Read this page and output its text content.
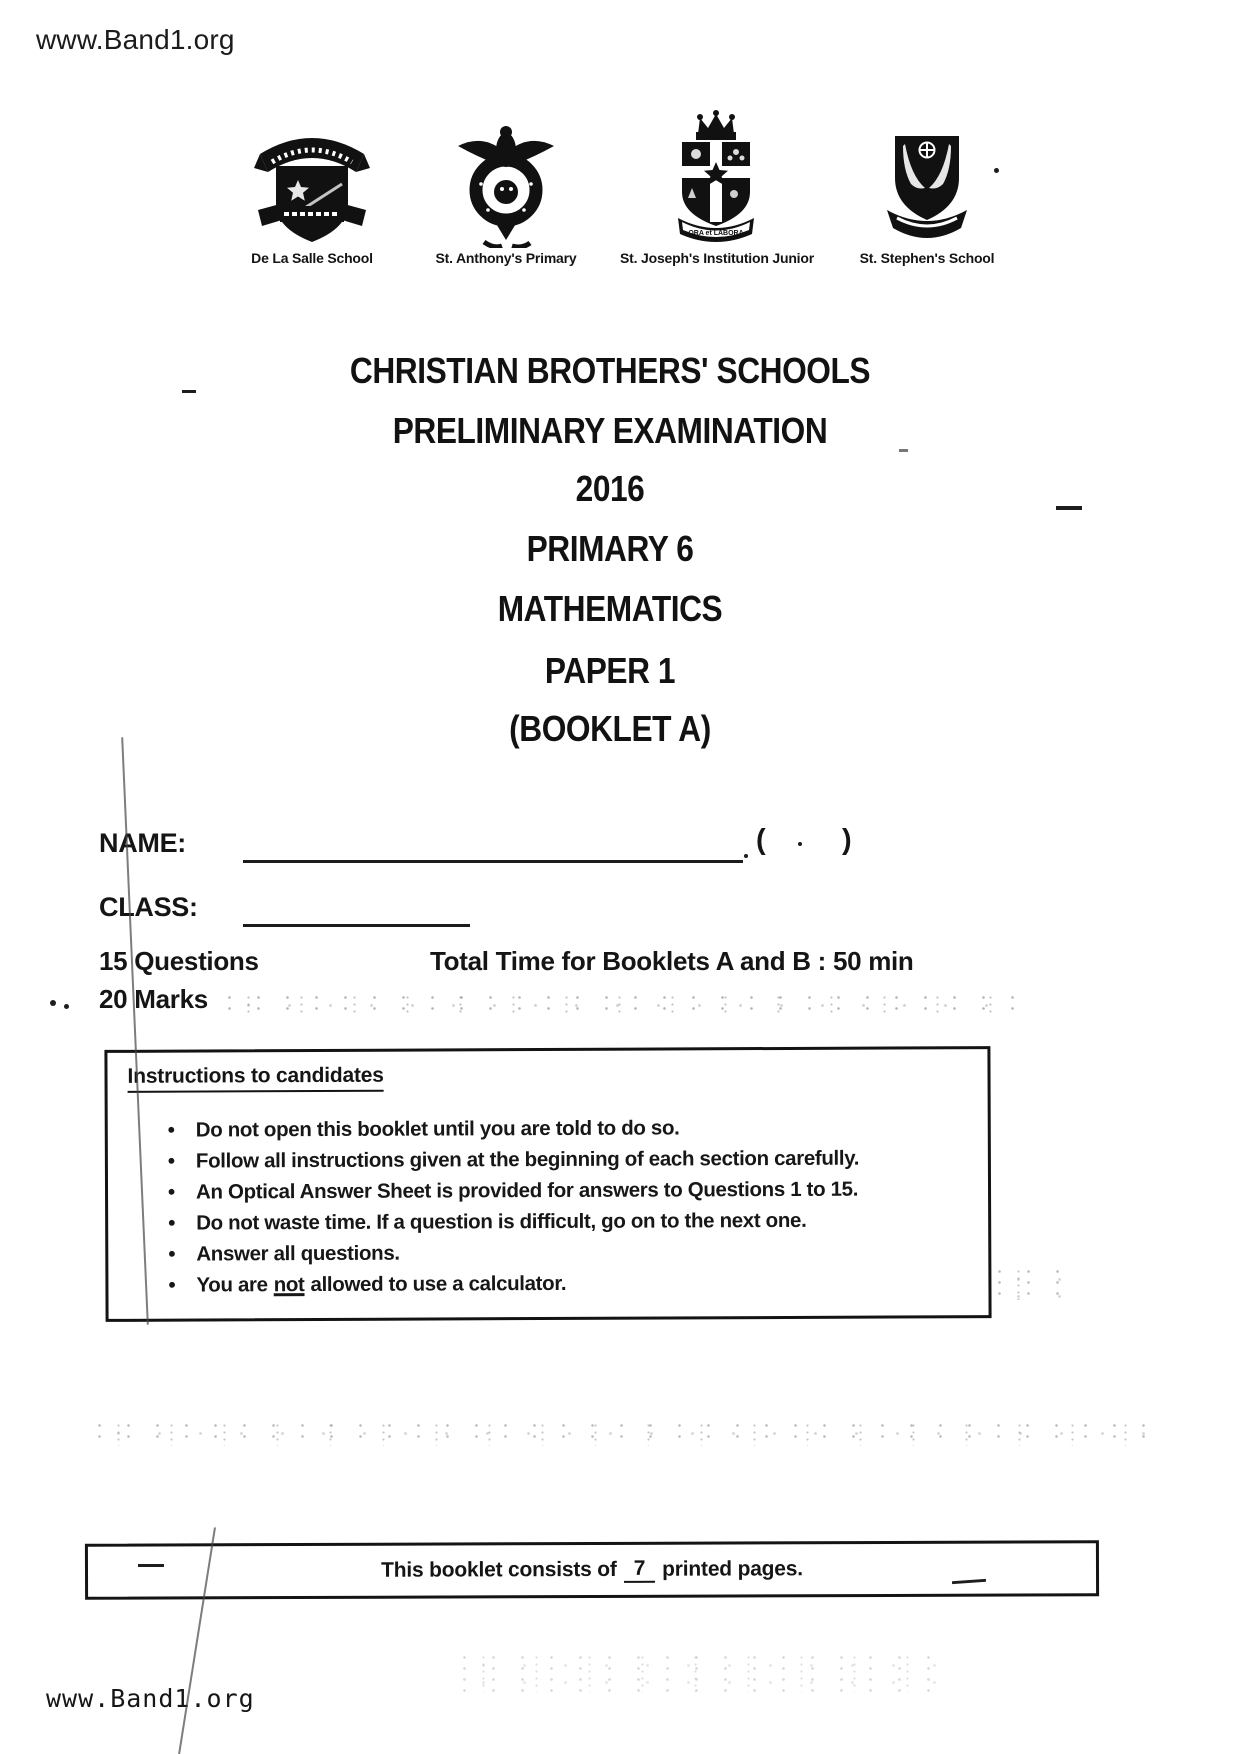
www.Band1.org
ORA et LABORA
De La Salle School	St. Anthony's Primary	St. Joseph's Institution Junior	St. Stephen's School
CHRISTIAN BROTHERS' SCHOOLS
PRELIMINARY EXAMINATION
2016
PRIMARY 6
MATHEMATICS
PAPER 1
(BOOKLET A)
NAME:	(	)
CLASS:
15 Questions
20 Marks
Total Time for Booklets A and B : 50 min
Instructions to candidates
• Do not open this booklet until you are told to do so.
• Follow all instructions given at the beginning of each section carefully.
• An Optical Answer Sheet is provided for answers to Questions 1 to 15.
• Do not waste time. If a question is difficult, go on to the next one.
• Answer all questions.
• You are not allowed to use a calculator.
This booklet consists of 7 printed pages.
www.Band1.org
